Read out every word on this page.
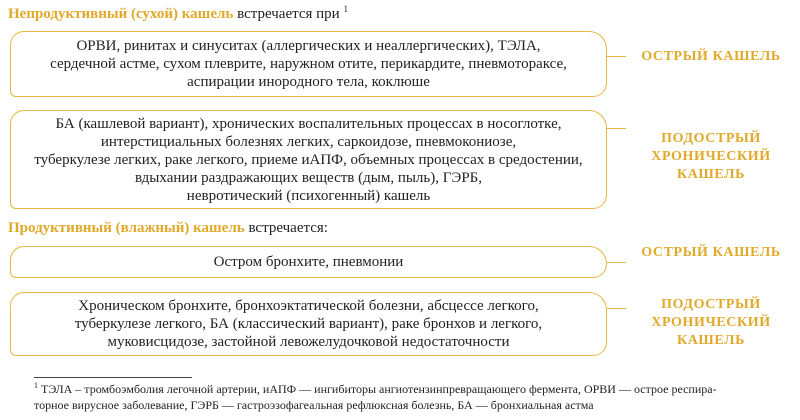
Непродуктивный (сухой) кашель встречается при $^1$
ОРВИ, ринитах и синуситах (аллергических и неаллергических), ТЭЛА,
сердечной астме, сухом плеврите, наружном отите, перикардите, пневмотораксе,
аспирации инородного тела, коклюше
ОСТРЫЙ КАШЕЛЬ
БА (кашлевой вариант), хронических воспалительных процессах в носоглотке,
интерстициальных болезнях легких, саркоидозе, пневмокониозе,
туберкулезе легких, раке легкого, приеме иАПФ, объемных процессах в средостении,
вдыхании раздражающих веществ (дым, пыль), ГЭРБ,
невротический (психогенный) кашель
ПОДОСТРЫЙ
ХРОНИЧЕСКИЙ
КАШЕЛЬ
Продуктивный (влажный) кашель встречается:
Остром бронхите, пневмонии
ОСТРЫЙ КАШЕЛЬ
Хроническом бронхите, бронхоэктатической болезни, абсцессе легкого,
туберкулезе легкого, БА (классический вариант), раке бронхов и легкого,
муковисцидозе, застойной левожелудочковой недостаточности
ПОДОСТРЫЙ
ХРОНИЧЕСКИЙ
КАШЕЛЬ
$^1$ ТЭЛА – тромбоэмболия легочной артерии, иАПФ — ингибиторы ангиотензинпревращающего фермента, ОРВИ — острое респира-
торное вирусное заболевание, ГЭРБ — гастроэзофагеальная рефлюксная болезнь, БА — бронхиальная астма
